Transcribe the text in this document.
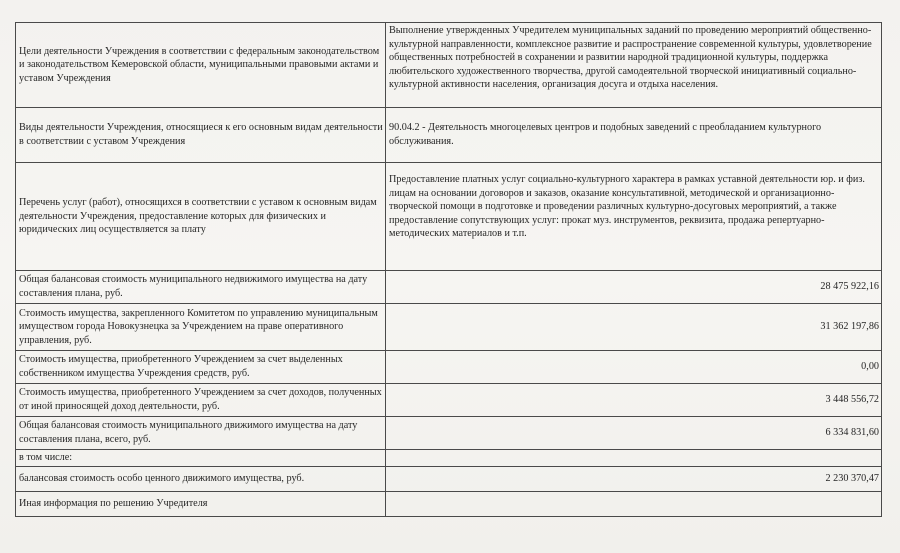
Цели деятельности Учреждения в соответствии с федеральным законодательством и законодательством Кемеровской области, муниципальными правовыми актами и уставом Учреждения	Выполнение утвержденных Учредителем муниципальных заданий по проведению мероприятий общественно-культурной направленности, комплексное развитие и распространение современной культуры, удовлетворение общественных потребностей в сохранении и развитии народной традиционной культуры, поддержка любительского художественного творчества, другой самодеятельной творческой инициативный социально-культурной активности населения, организация досуга и отдыха населения.
Виды деятельности Учреждения, относящиеся к его основным видам деятельности в соответствии с уставом Учреждения	90.04.2 - Деятельность многоцелевых центров и подобных заведений с преобладанием культурного обслуживания.
Перечень услуг (работ), относящихся в соответствии с уставом к основным видам деятельности Учреждения, предоставление которых для физических и юридических лиц осуществляется за плату	Предоставление платных услуг социально-культурного характера в рамках уставной деятельности юр. и физ. лицам на основании договоров и заказов, оказание консультативной, методической и организационно-творческой помощи в подготовке и проведении различных культурно-досуговых мероприятий, а также предоставление сопутствующих услуг: прокат муз. инструментов, реквизита, продажа репертуарно-методических материалов и т.п.
Общая балансовая стоимость муниципального недвижимого имущества на дату составления плана, руб.	28 475 922,16
Стоимость имущества, закрепленного Комитетом по управлению муниципальным имуществом города Новокузнецка за Учреждением на праве оперативного управления, руб.	31 362 197,86
Стоимость имущества, приобретенного Учреждением за счет выделенных собственником имущества Учреждения средств, руб.	0,00
Стоимость имущества, приобретенного Учреждением за счет доходов, полученных от иной приносящей доход деятельности, руб.	3 448 556,72
Общая балансовая стоимость муниципального движимого имущества на дату составления плана, всего, руб.	6 334 831,60
в том числе:	
балансовая стоимость особо ценного движимого имущества, руб.	2 230 370,47
Иная информация по решению Учредителя	
